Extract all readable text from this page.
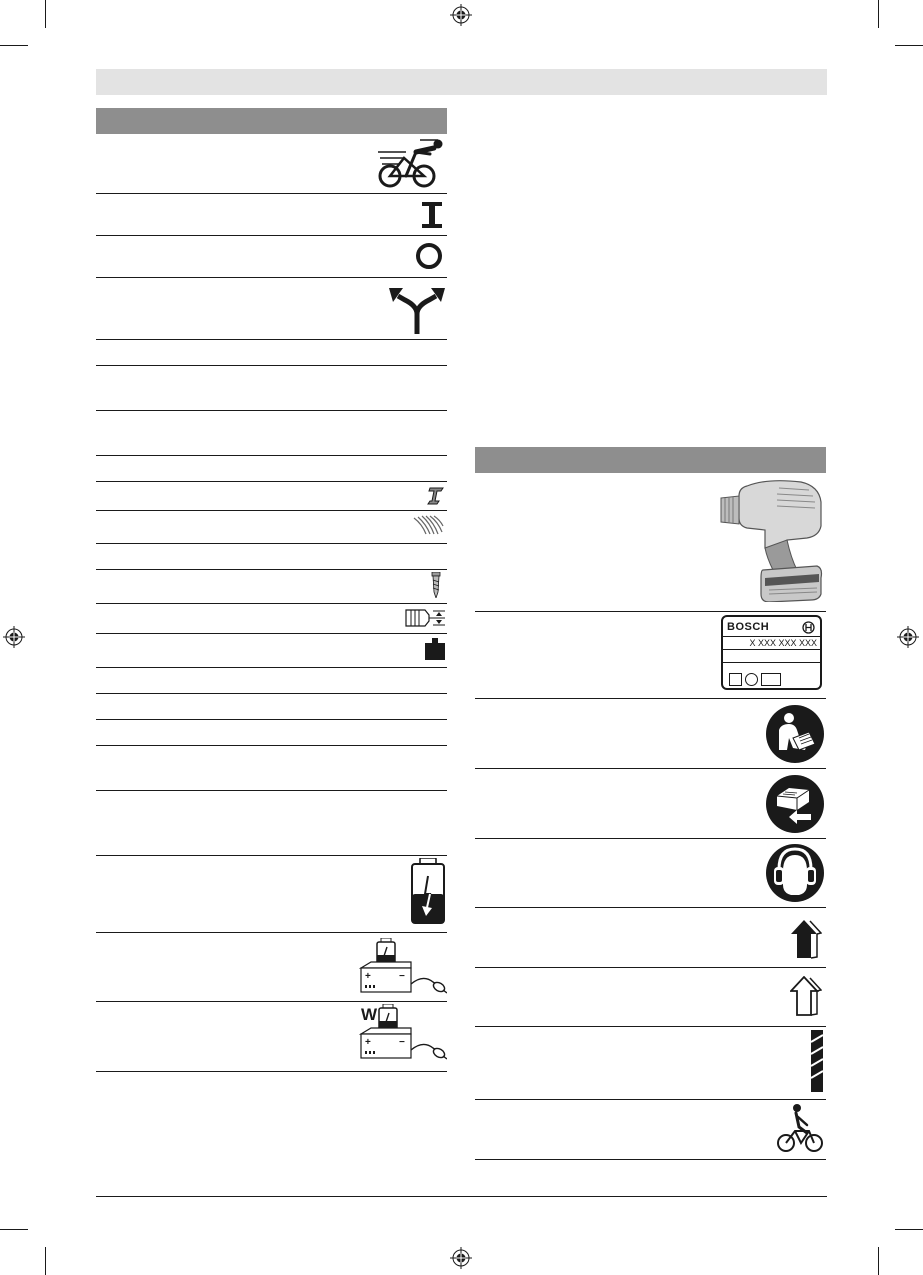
+	−
W
+	−
BOSCH
X XXX XXX XXX
